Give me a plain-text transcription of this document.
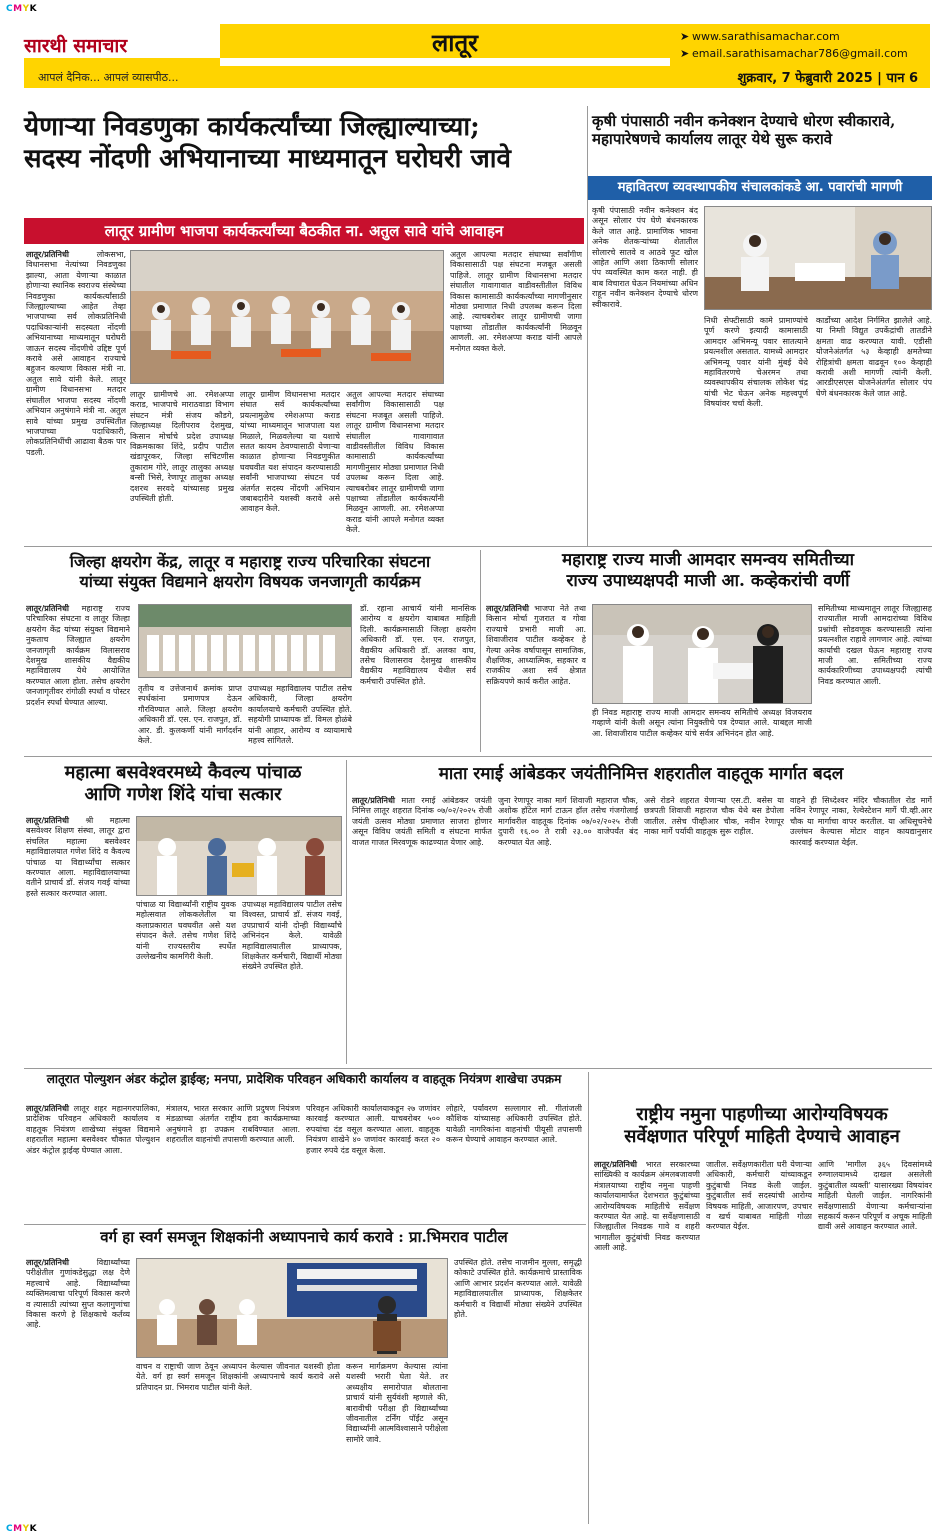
CMYK
सारथी समाचार	लातूर	➤ www.sarathisamachar.com
➤ email.sarathisamachar786@gmail.com
आपलं दैनिक... आपलं व्यासपीठ...	शुक्रवार, 7 फेब्रुवारी 2025 | पान 6
येणाऱ्या निवडणुका कार्यकर्त्यांच्या जिल्ह्याल्याच्या;
सदस्य नोंदणी अभियानाच्या माध्यमातून घरोघरी जावे
लातूर ग्रामीण भाजपा कार्यकर्त्यांच्या बैठकीत ना. अतुल सावे यांचे आवाहन
लातूर/प्रतिनिधी	लोकसभा, विधानसभा नेत्यांच्या निवडणुका झाल्या, आता येणाऱ्या काळात होणाऱ्या स्थानिक स्वराज्य संस्थेच्या निवडणुका कार्यकर्त्यांसाठी जिल्ह्याल्याच्या आहेत तेव्हा भाजपाच्या सर्व लोकप्रतिनिधी पदाधिकाऱ्यांनी सदस्यता नोंदणी अभियानाच्या माध्यमातून घरोघरी जाऊन सदस्य नोंदणीचे उद्दिष्ट पूर्ण करावे असे आवाहन राज्याचे बहुजन कल्याण विकास मंत्री ना. अतुल सावे यांनी केले. लातूर ग्रामीण विधानसभा मतदार संघातील भाजपा सदस्य नोंदणी अभियान अनुषंगाने मंत्री ना. अतुल सावे यांच्या प्रमुख उपस्थितीत भाजपाच्या पदाधिकारी, लोकप्रतिनिधींची आढावा बैठक पार पडली.
लातूर ग्रामीणचे आ. रमेशअप्पा कराड, भाजपाचे माराठवाडा विभाग संघटन मंत्री संजय कौडगे, जिल्हाध्यक्ष दिलीपराव देशमुख, किसान मोर्चाचे प्रदेश उपाध्यक्ष विक्रमकाका शिंदे, प्रदीप पाटील खंडापूरकर, जिल्हा सचिटणीस तुकाराम गोरे, लातूर तालुका अध्यक्ष बन्सी भिसे, रेणापूर तालुका अध्यक्ष दशरथ सरवदे यांच्यासह प्रमुख उपस्थिती होती.
लातूर ग्रामीण विधानसभा मतदार संघात सर्व कार्यकर्त्यांच्या प्रयत्नामुळेच रमेशअप्पा कराड यांच्या माध्यमातून भाजपाला यश मिळाले, मिळवलेल्या या यशाचे सतत कायम ठेवण्यासाठी येणाऱ्या काळात होणाऱ्या निवडणुकीत घवघवीत यश संपादन करण्यासाठी सर्वांनी भाजपाच्या संघटन पर्व अंतर्गत सदस्य नोंदणी अभियान जबाबदारीने यशस्वी करावे असे आवाहन केले.
अतुल आपल्या मतदार संघाच्या सर्वांगीण विकासासाठी पक्ष संघटना मजबूत असली पाहिजे. लातूर ग्रामीण विधानसभा मतदार संघातील गावागावात वाडीवस्तीतील विविध विकास कामासाठी कार्यकर्त्यांच्या मागणीनुसार मोठ्या प्रमाणात निधी उपलब्ध करून दिला आहे. त्याचबरोबर लातूर ग्रामीणची जागा पक्षाच्या तोंडातील कार्यकर्त्यांनी मिळवून आणली. आ. रमेशअप्पा कराड यांनी आपले मनोगत व्यक्त केले.
अतुल आपल्या मतदार संघाच्या सर्वांगीण विकासासाठी पक्ष संघटना मजबूत असली पाहिजे. लातूर ग्रामीण विधानसभा मतदार संघातील गावागावात वाडीवस्तीतील विविध विकास कामासाठी कार्यकर्त्यांच्या मागणीनुसार मोठ्या प्रमाणात निधी उपलब्ध करून दिला आहे. त्याचबरोबर लातूर ग्रामीणची जागा पक्षाच्या तोंडातील कार्यकर्त्यांनी मिळवून आणली. आ. रमेशअप्पा कराड यांनी आपले मनोगत व्यक्त केले.
कृषी पंपासाठी नवीन कनेक्शन देण्याचे धोरण स्वीकारावे,
महापारेषणचे कार्यालय लातूर येथे सुरू करावे
महावितरण व्यवस्थापकीय संचालकांकडे आ. पवारांची मागणी
कृषी पंपासाठी नवीन कनेक्शन बंद असून सोलार पंप घेणे बंधनकारक केले जात आहे. प्रामाणिक भावना अनेक शेतकऱ्यांच्या शेतातील सोलारचे सातवे व आठवे फूट खोल आहेत आणि अशा ठिकाणी सोलार पंप व्यवस्थित काम करत नाही. ही बाब विचारात घेऊन नियमांच्या अधिन राहून नवीन कनेक्शन देण्याचे धोरण स्वीकारावे.
निधी सेफ्टीसाठी कामे प्रामाण्यांचे पूर्ण करणे इत्यादी कामासाठी आमदार अभिमन्यू पवार सातत्याने प्रयत्नशील असतात. यामध्ये आमदार अभिमन्यू पवार यांनी मुंबई येथे महावितरणचे चेअरमन तथा व्यवस्थापकीय संचालक लोकेश चंद्र यांची भेट घेऊन अनेक महत्त्वपूर्ण विषयांवर चर्चा केली.
कार्डोच्या आदेश निर्गमित झालेले आहे. या निम्ती विद्युत उपकेंद्रांची तातडीने क्षमता वाढ करण्यात यावी. एडीसी योजनेअंतर्गत ५३ केव्हाही क्षमतेच्या रोहित्रांची क्षमता वाढवून १०० केव्हाही करावी अशी मागणी त्यांनी केली. आरडीएसएस योजनेअंतर्गत सोलार पंप घेणे बंधनकारक केले जात आहे.
जिल्हा क्षयरोग केंद्र, लातूर व महाराष्ट्र राज्य परिचारिका संघटना
यांच्या संयुक्त विद्यमाने क्षयरोग विषयक जनजागृती कार्यक्रम
लातूर/प्रतिनिधी महाराष्ट्र राज्य परिचारिका संघटना व लातूर जिल्हा क्षयरोग केंद्र यांच्या संयुक्त विद्यमाने नुकताच जिल्ह्यात क्षयरोग जनजागृती कार्यक्रम विलासराव देशमुख शासकीय वैद्यकीय महाविद्यालय येथे आयोजित करण्यात आला होता. तसेच क्षयरोग जनजागृतीवर रांगोळी स्पर्धा व पोस्टर प्रदर्शन स्पर्धा घेण्यात आल्या.
तृतीय व उत्तेजनार्थ क्रमांक प्राप्त स्पर्धकांना प्रमाणपत्र देऊन गौरविण्यात आले. जिल्हा क्षयरोग अधिकारी डॉ. एस. एन. राजपुत, डॉ. आर. डी. कुलकर्णी यांनी मार्गदर्शन केले.
उपाध्यक्ष महाविद्यालय पाटील तसेच अधिकारी, जिल्हा क्षयरोग कार्यालयाचे कर्मचारी उपस्थित होते. सहयोगी प्राध्यापक डॉ. विमल होळंबे यांनी आहार, आरोग्य व व्यायामाचे महत्त्व सांगितले.
डॉ. रहाना आचार्य यांनी मानसिक आरोग्य व क्षयरोग याबाबत माहिती दिली. कार्यक्रमासाठी जिल्हा क्षयरोग अधिकारी डॉ. एस. एन. राजपुत, वैद्यकीय अधिकारी डॉ. अलका वाघ, तसेच विलासराव देशमुख शासकीय वैद्यकीय महाविद्यालय येथील सर्व कर्मचारी उपस्थित होते.
महाराष्ट्र राज्य माजी आमदार समन्वय समितीच्या
राज्य उपाध्यक्षपदी माजी आ. कव्हेकरांची वर्णी
लातूर/प्रतिनिधी भाजपा नेते तथा किसान मोर्चा गुजरात व गोवा राज्याचे प्रभारी माजी आ. शिवाजीराव पाटील कव्हेकर हे गेल्या अनेक वर्षापासून सामाजिक, शैक्षणिक, आध्यात्मिक, सहकार व राजकीय अशा सर्व क्षेत्रात सक्रियपणे कार्य करीत आहेत.
ही निवड महाराष्ट्र राज्य माजी आमदार समन्वय समितीचे अध्यक्ष विजयराव गव्हाणे यांनी केली असून त्यांना नियुक्तीचे पत्र देण्यात आले. याबद्दल माजी आ. शिवाजीराव पाटील कव्हेकर यांचे सर्वत्र अभिनंदन होत आहे.
समितीच्या माध्यमातून लातूर जिल्ह्यासह राज्यातील माजी आमदारांच्या विविध प्रश्नांची सोडवणूक करण्यासाठी त्यांना प्रयत्नशील राहावे लागणार आहे. त्यांच्या कार्याची दखल घेऊन महाराष्ट्र राज्य माजी आ. समितीच्या राज्य कार्यकारिणीच्या उपाध्यक्षपदी त्यांची निवड करण्यात आली.
महात्मा बसवेश्वरमध्ये कैवल्य पांचाळ
आणि गणेश शिंदे यांचा सत्कार
लातूर/प्रतिनिधी श्री महात्मा बसवेश्वर शिक्षण संस्था, लातूर द्वारा संचलित महात्मा बसवेश्वर महाविद्यालयात गणेश शिंदे व कैवल्य पांचाळ या विद्यार्थ्यांचा सत्कार करण्यात आला. महाविद्यालयाच्या वतीने प्राचार्य डॉ. संजय गवई यांच्या हस्ते सत्कार करण्यात आला.
पांचाळ या विद्यार्थ्यांनी राष्ट्रीय युवक महोत्सवात लोककलेतील या कलाप्रकारात घवघवीत असे यश संपादन केले. तसेच गणेश शिंदे यांनी राज्यस्तरीय स्पर्धेत उल्लेखनीय कामगिरी केली.
उपाध्यक्ष महाविद्यालय पाटील तसेच विश्वस्त, प्राचार्य डॉ. संजय गवई, उपप्राचार्य यांनी दोन्ही विद्यार्थ्यांचे अभिनंदन केले. यावेळी महाविद्यालयातील प्राध्यापक, शिक्षकेतर कर्मचारी, विद्यार्थी मोठ्या संख्येने उपस्थित होते.
माता रमाई आंबेडकर जयंतीनिमित्त शहरातील वाहतूक मार्गात बदल
लातूर/प्रतिनिधी माता रमाई आंबेडकर जयंती निमित्त लातूर शहरात दिनांक ०७/०२/२०२५ रोजी जयंती उत्सव मोठ्या प्रमाणात साजरा होणार असून विविध जयंती समिती व संघटना मार्फत वाजत गाजत मिरवणूक काढण्यात येणार आहे.
जुना रेणापूर नाका मार्ग शिवाजी महाराज चौक, अशोक हॉटेल मार्ग टाऊन हॉल तसेच गंजगोलाई मार्गावरील वाहतूक दिनांक ०७/०२/२०२५ रोजी दुपारी १६.०० ते रात्री २३.०० वाजेपर्यंत बंद करण्यात येत आहे.
असे रोडने शहरात येणाऱ्या एस.टी. बसेस या छत्रपती शिवाजी महाराज चौक येथे बस डेपोला जातील. तसेच पीव्हीआर चौक, नवीन रेणापूर नाका मार्गे पर्यायी वाहतूक सुरू राहील.
वाहने ही सिध्देश्वर मंदिर चौकातील रोड मार्गे नविन रेणापूर नाका, रेल्वेस्टेशन मार्गे पी.व्ही.आर चौक या मार्गाचा वापर करतील. या अधिसूचनेचे उल्लंघन केल्यास मोटार वाहन कायद्यानुसार कारवाई करण्यात येईल.
लातूरात पोल्युशन अंडर कंट्रोल ड्राईव्ह; मनपा, प्रादेशिक परिवहन अधिकारी कार्यालय व वाहतूक नियंत्रण शाखेचा उपक्रम
लातूर/प्रतिनिधी लातूर शहर महानगरपालिका, प्रादेशिक परिवहन अधिकारी कार्यालय व वाहतूक नियंत्रण शाखेच्या संयुक्त विद्यमाने शहरातील महात्मा बसवेश्वर चौकात पोल्युशन अंडर कंट्रोल ड्राईव्ह घेण्यात आला.
मंत्रालय, भारत सरकार आणि प्रदुषण नियंत्रण मंडळाच्या अंतर्गत राष्ट्रीय हवा कार्यक्रमाच्या अनुषंगाने हा उपक्रम राबविण्यात आला. शहरातील वाहनांची तपासणी करण्यात आली.
परिवहन अधिकारी कार्यालयाकडून २७ जणांवर कारवाई करण्यात आली. याचबरोबर ५०० रुपयांचा दंड वसूल करण्यात आला. वाहतूक नियंत्रण शाखेने ४० जणांवर कारवाई करत २० हजार रुपये दंड वसूल केला.
लोहारे, पर्यावरण सल्लागार सौ. गीतांजली कौशिक यांच्यासह अधिकारी उपस्थित होते. यावेळी नागरिकांना वाहनांची पीयूसी तपासणी करून घेण्याचे आवाहन करण्यात आले.
राष्ट्रीय नमुना पाहणीच्या आरोग्यविषयक
सर्वेक्षणात परिपूर्ण माहिती देण्याचे आवाहन
लातूर/प्रतिनिधी भारत सरकारच्या सांख्यिकी व कार्यक्रम अंमलबजावणी मंत्रालयाच्या राष्ट्रीय नमुना पाहणी कार्यालयामार्फत देशभरात कुटुंबांच्या आरोग्यविषयक माहितीचे सर्वेक्षण करण्यात येत आहे. या सर्वेक्षणासाठी जिल्ह्यातील निवडक गावे व शहरी भागातील कुटुंबांची निवड करण्यात आली आहे.
जातील. सर्वेक्षणकारीता घरी येणाऱ्या अधिकारी, कर्मचारी यांच्याकडून कुटुंबाची निवड केली जाईल. कुटुंबातील सर्व सदस्यांची आरोग्य विषयक माहिती, आजारपण, उपचार व खर्च याबाबत माहिती गोळा करण्यात येईल.
आणि 'मागील ३६५ दिवसांमध्ये रुग्णालयामध्ये दाखल असलेली कुटुंबातील व्यक्ती' यासारख्या विषयांवर माहिती घेतली जाईल. नागरिकांनी सर्वेक्षणासाठी येणाऱ्या कर्मचाऱ्यांना सहकार्य करून परिपूर्ण व अचूक माहिती द्यावी असे आवाहन करण्यात आले.
वर्ग हा स्वर्ग समजून शिक्षकांनी अध्यापनाचे कार्य करावे : प्रा.भिमराव पाटील
लातूर/प्रतिनिधी	विद्यार्थ्यांच्या परीक्षेतील गुणांकडेसुद्धा लक्ष देणे महत्त्वाचे आहे. विद्यार्थ्यांच्या व्यक्तिमत्वाचा परिपूर्ण विकास करणे व त्यासाठी त्यांच्या सुप्त कलागुणांचा विकास करणे हे शिक्षकाचे कर्तव्य आहे.
वाचन व राष्ट्राची जाण ठेवून अध्यापन केल्यास जीवनात यशस्वी होता येते. वर्ग हा स्वर्ग समजून शिक्षकांनी अध्यापनाचे कार्य करावे असे प्रतिपादन प्रा. भिमराव पाटील यांनी केले.
करून मार्गक्रमण केल्यास त्यांना यशस्वी भरारी घेता येते. तर अध्यक्षीय समारोपात बोलताना प्राचार्य यांनी सुर्यवंशी म्हणाले की, बारावीची परीक्षा ही विद्यार्थ्यांच्या जीवनातील टर्निंग पॉईंट असून विद्यार्थ्यांनी आत्मविश्वासाने परीक्षेला सामोरे जावे.
उपस्थित होते. तसेच नाजमीन मुल्ला, समृद्धी कोकाटे उपस्थित होते. कार्यक्रमाचे प्रास्ताविक आणि आभार प्रदर्शन करण्यात आले. यावेळी महाविद्यालयातील प्राध्यापक, शिक्षकेतर कर्मचारी व विद्यार्थी मोठ्या संख्येने उपस्थित होते.
CMYK
